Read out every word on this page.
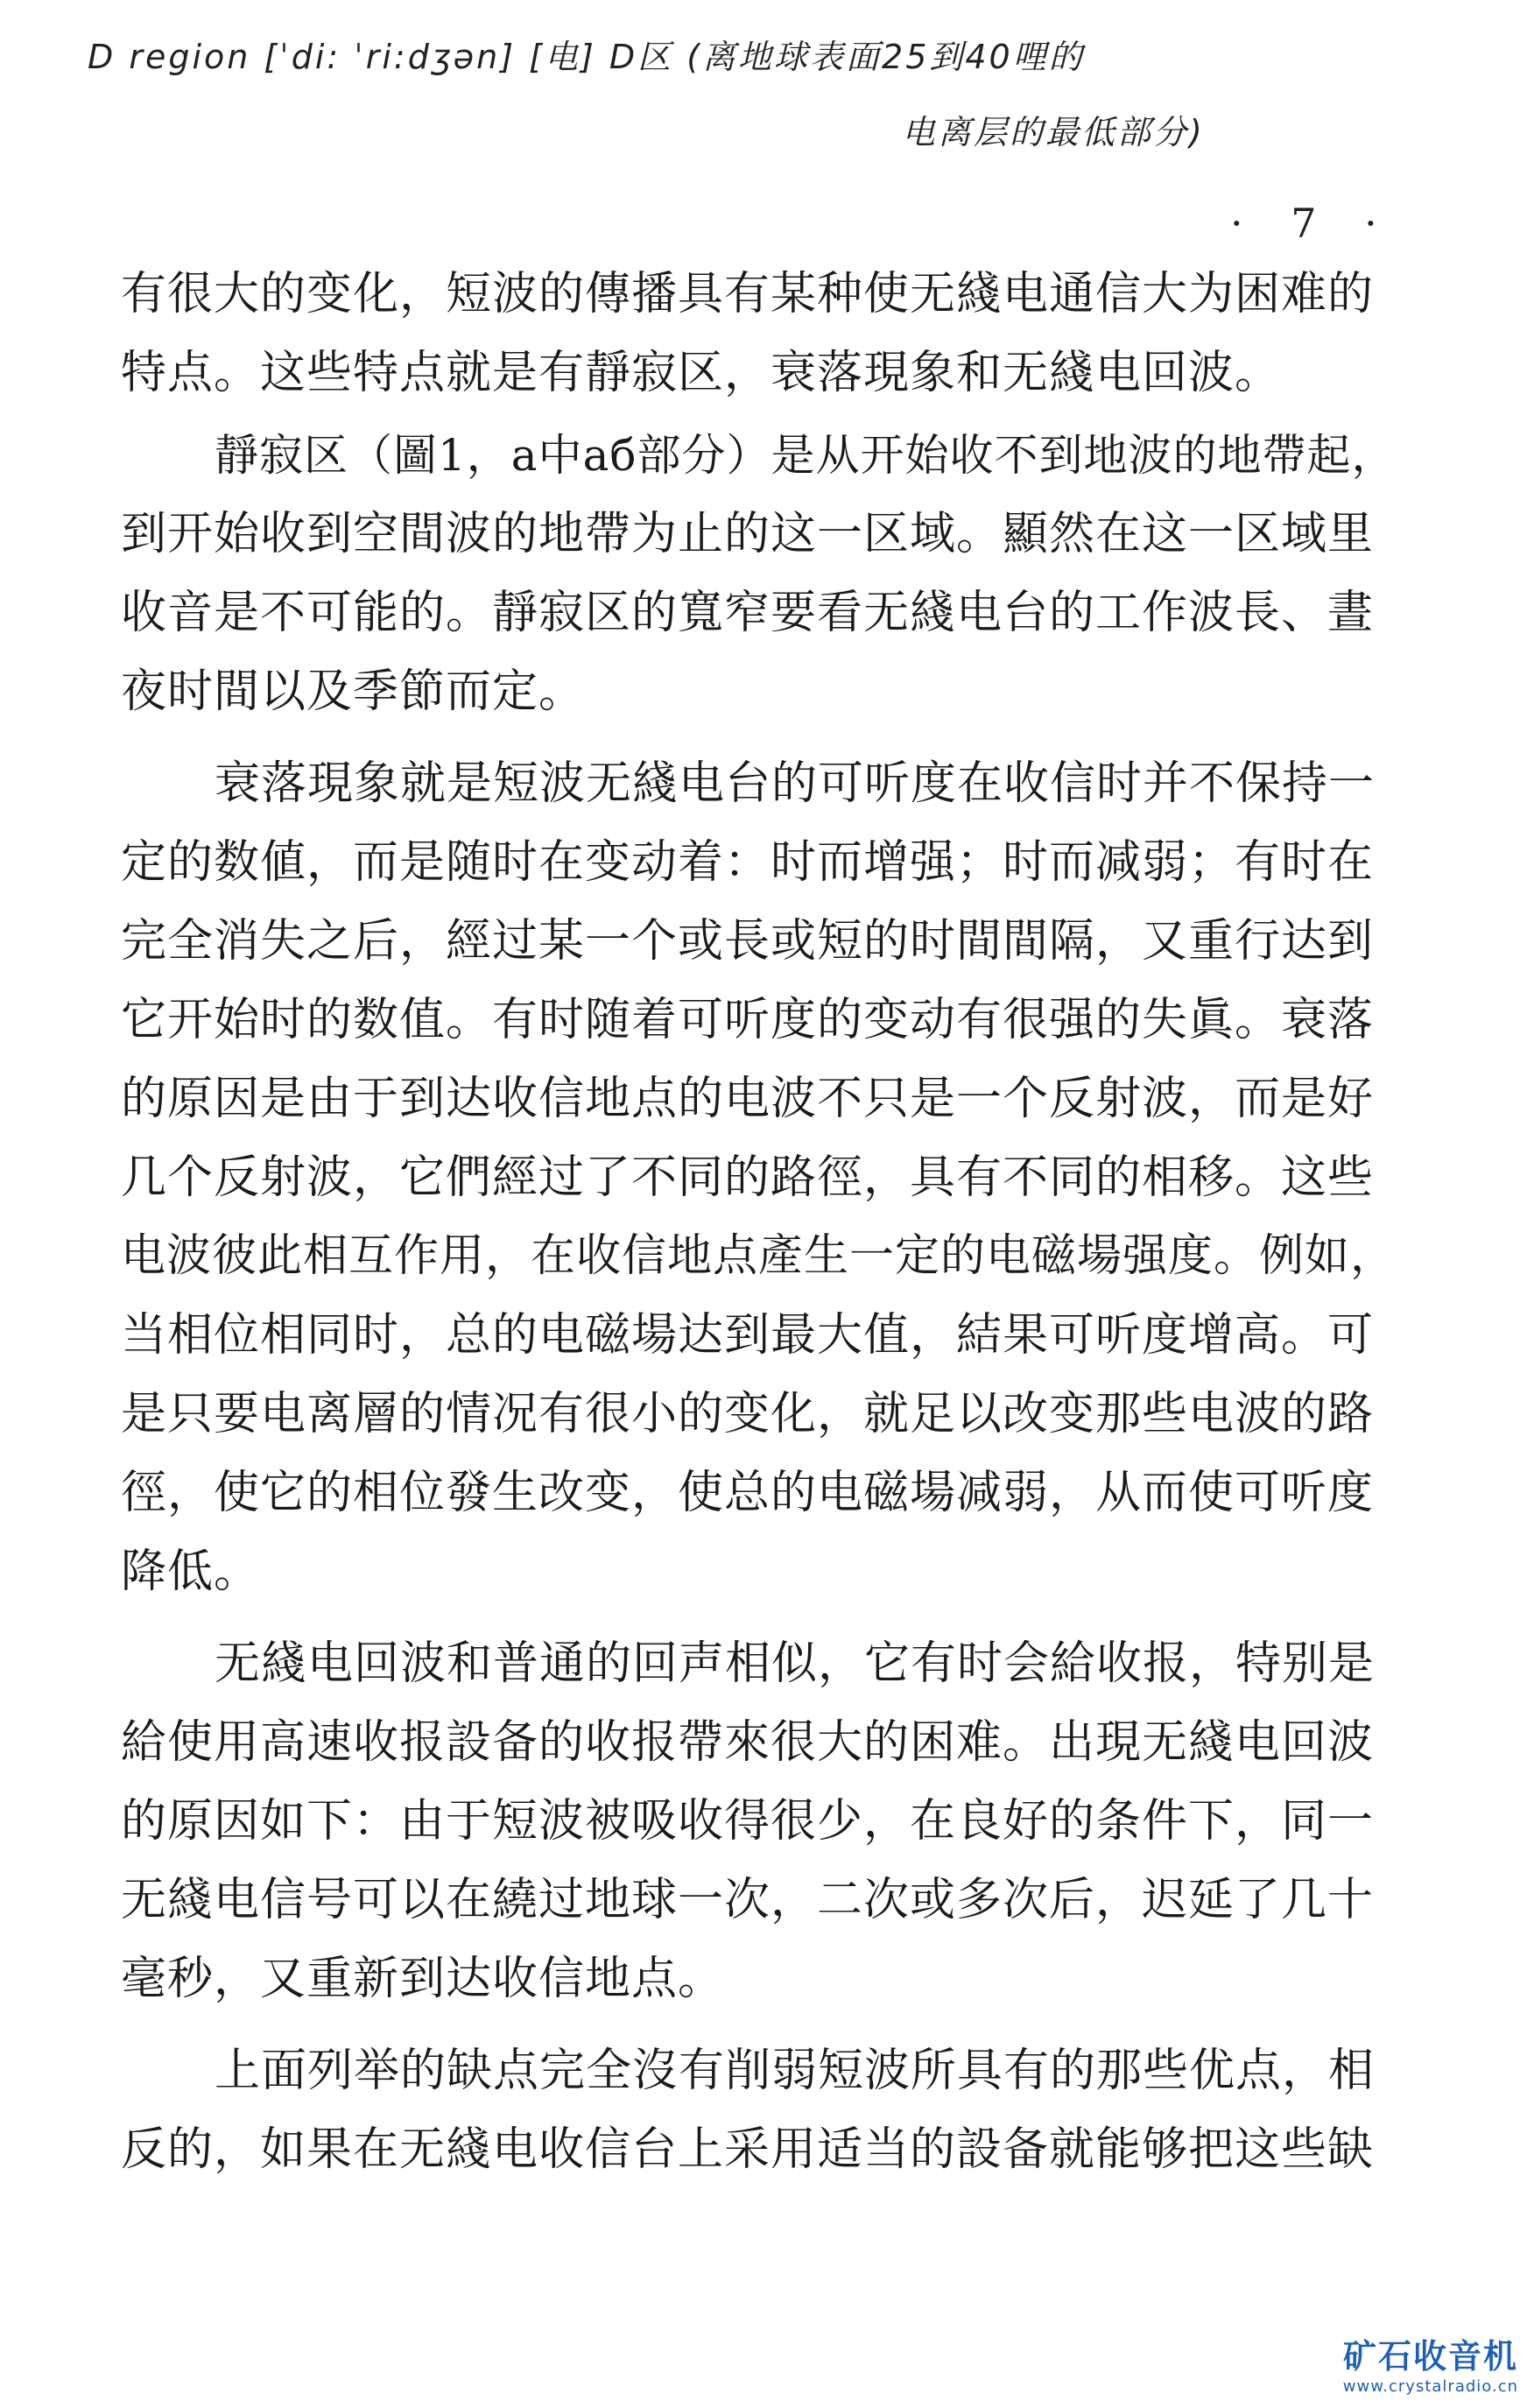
D region [ˈdi: ˈri:dʒən] [电] D区 (离地球表面25到40哩的
电离层的最低部分)
· 7 ·
有很大的变化，短波的傳播具有某种使无綫电通信大为困难的
特点。这些特点就是有靜寂区，衰落現象和无綫电回波。
靜寂区（圖1，a中aб部分）是从开始收不到地波的地帶起，
到开始收到空間波的地帶为止的这一区域。顯然在这一区域里
收音是不可能的。靜寂区的寬窄要看无綫电台的工作波長、晝
夜时間以及季節而定。
衰落現象就是短波无綫电台的可听度在收信时并不保持一
定的数値，而是随时在变动着：时而增强；时而减弱；有时在
完全消失之后，經过某一个或長或短的时間間隔，又重行达到
它开始时的数值。有时随着可听度的变动有很强的失眞。衰落
的原因是由于到达收信地点的电波不只是一个反射波，而是好
几个反射波，它們經过了不同的路徑，具有不同的相移。这些
电波彼此相互作用，在收信地点產生一定的电磁場强度。例如，
当相位相同时，总的电磁場达到最大值，結果可听度增高。可
是只要电离層的情况有很小的变化，就足以改变那些电波的路
徑，使它的相位發生改变，使总的电磁場减弱，从而使可听度
降低。
无綫电回波和普通的回声相似，它有时会給收报，特别是
給使用高速收报設备的收报帶來很大的困难。出現无綫电回波
的原因如下：由于短波被吸收得很少，在良好的条件下，同一
无綫电信号可以在繞过地球一次，二次或多次后，迟延了几十
毫秒，又重新到达收信地点。
上面列举的缺点完全沒有削弱短波所具有的那些优点，相
反的，如果在无綫电收信台上采用适当的設备就能够把这些缺
矿石收音机
www.crystalradio.cn
